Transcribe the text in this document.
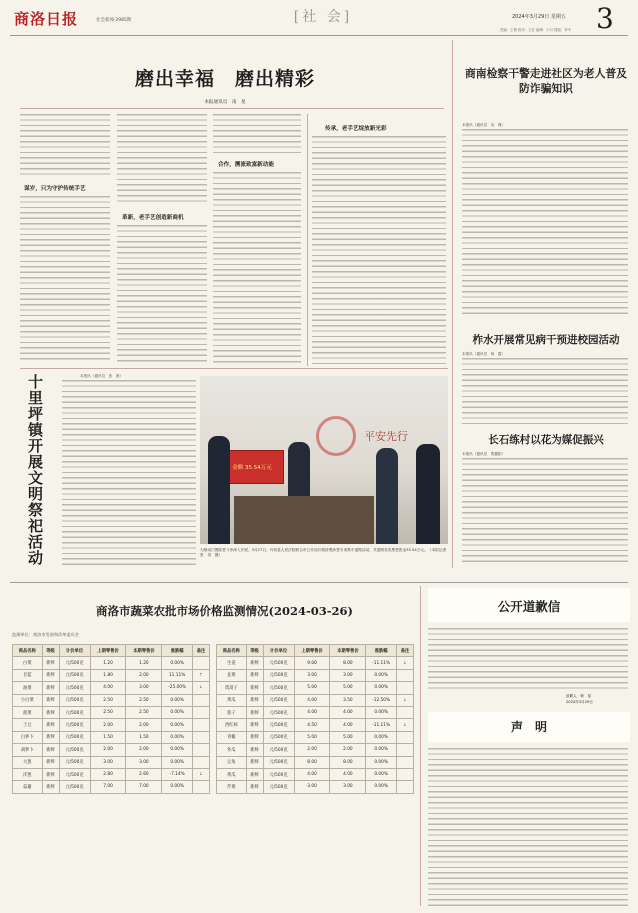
商洛日报	社会新闻·2985期	[社 会]	2024年3月29日 星期五 3
责编：王微 校对：王红 编辑：小月 排版：李中
磨出幸福　磨出精彩
本报通讯员　南　星
谋岁，只为守护传统手艺
革新，老手艺创造新商机
合作，溯流致富新动能
传承，老手艺绽放新光彩
商南检察干警走进社区为老人普及防诈骗知识
本报讯（通讯员　吴　瑾）
柞水开展常见病干预进校园活动
本报讯（通讯员　杨　霞）
长石练村以花为媒促振兴
本报讯（通讯员　贾鑫阳）
十里坪镇开展文明祭祀活动	本报讯（通讯员　张　晨）
平安先行
金额 35.54万元
为推动扫黑除恶斗争深入开展，3月27日，丹凤县人民法院联合市公安局开展涉黑涉恶专项集中退赔活动，共退赔各类黑恶资金35.54万元。（本报记者　张　岚　摄）
商洛市蔬菜农批市场价格监测情况(2024-03-26)
监测单位：商洛市发展和改革委员会
商品名称	等级	计价单位	上期零售价	本期零售价	涨跌幅	备注
白菜	新鲜	元/500克	1.20	1.20	0.00%	
甘蓝	新鲜	元/500克	1.80	2.00	11.11%	↑
油菜	新鲜	元/500克	4.00	3.00	-25.00%	↓
小白菜	新鲜	元/500克	2.50	2.50	0.00%	
菠菜	新鲜	元/500克	2.50	2.50	0.00%	
土豆	新鲜	元/500克	2.00	2.00	0.00%	
白萝卜	新鲜	元/500克	1.50	1.50	0.00%	
胡萝卜	新鲜	元/500克	2.00	2.00	0.00%	
大葱	新鲜	元/500克	3.00	3.00	0.00%	
洋葱	新鲜	元/500克	2.80	2.60	-7.14%	↓
蒜薹	新鲜	元/500克	7.00	7.00	0.00%	
商品名称	等级	计价单位	上期零售价	本期零售价	涨跌幅	备注
生姜	新鲜	元/500克	9.00	8.00	-11.11%	↓
韭菜	新鲜	元/500克	3.00	3.00	0.00%	
茼蒿子	新鲜	元/500克	5.00	5.00	0.00%	
黄瓜	新鲜	元/500克	4.00	3.50	-12.50%	↓
茄子	新鲜	元/500克	4.00	4.00	0.00%	
西红柿	新鲜	元/500克	4.50	4.00	-11.11%	↓
青椒	新鲜	元/500克	5.00	5.00	0.00%	
冬瓜	新鲜	元/500克	2.00	2.00	0.00%	
豆角	新鲜	元/500克	8.00	8.00	0.00%	
黄瓜	新鲜	元/500克	4.00	4.00	0.00%	
芹菜	新鲜	元/500克	3.00	3.00	0.00%	
公开道歉信
致歉人：韩　星
2024年3月29日
声　明
